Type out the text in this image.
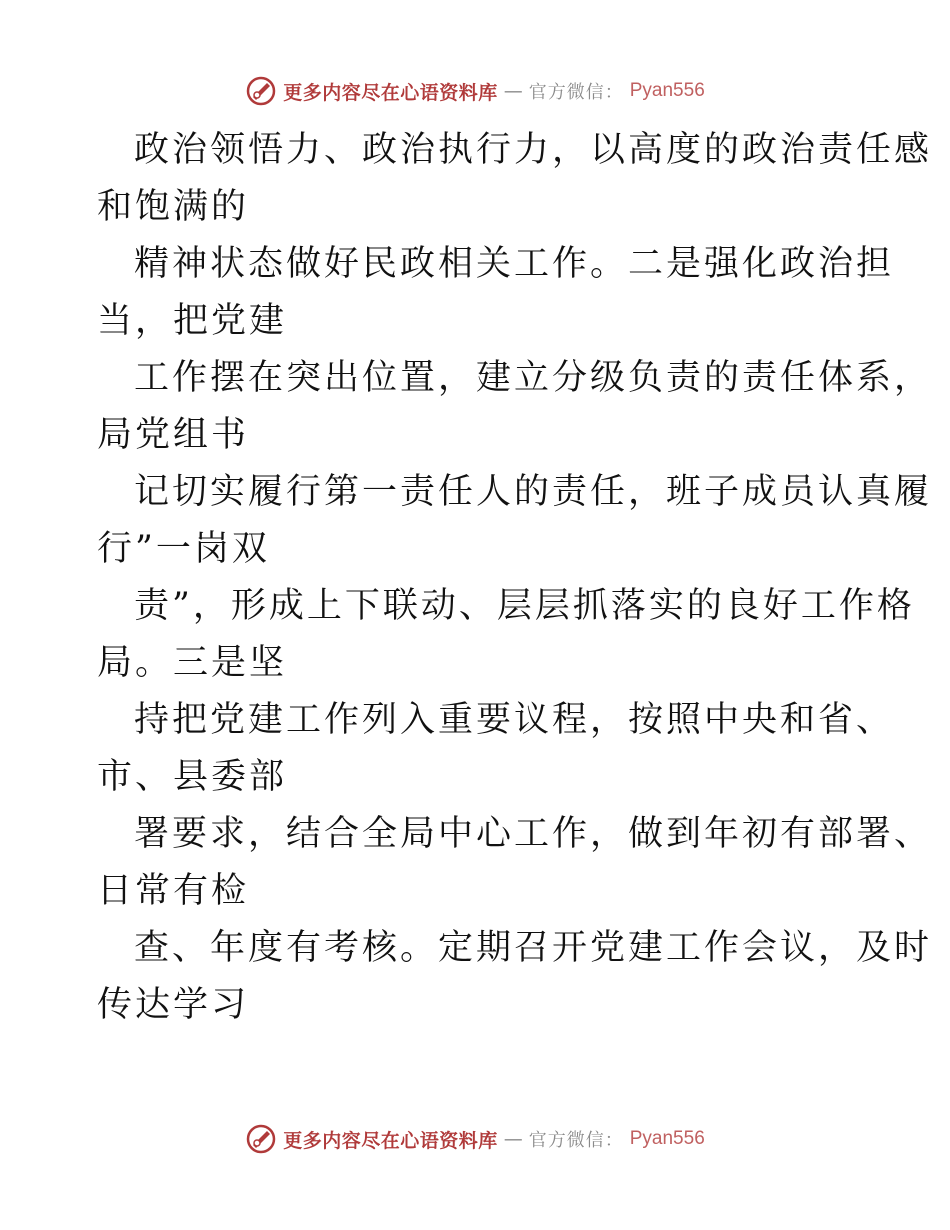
更多内容尽在心语资料库 — 官方微信： Pyan556
政治领悟力、政治执行力，以高度的政治责任感
和饱满的
精神状态做好民政相关工作。二是强化政治担
当，把党建
工作摆在突出位置，建立分级负责的责任体系，
局党组书
记切实履行第一责任人的责任，班子成员认真履
行”一岗双
责”，形成上下联动、层层抓落实的良好工作格
局。三是坚
持把党建工作列入重要议程，按照中央和省、
市、县委部
署要求，结合全局中心工作，做到年初有部署、
日常有检
查、年度有考核。定期召开党建工作会议，及时
传达学习
更多内容尽在心语资料库 — 官方微信： Pyan556
